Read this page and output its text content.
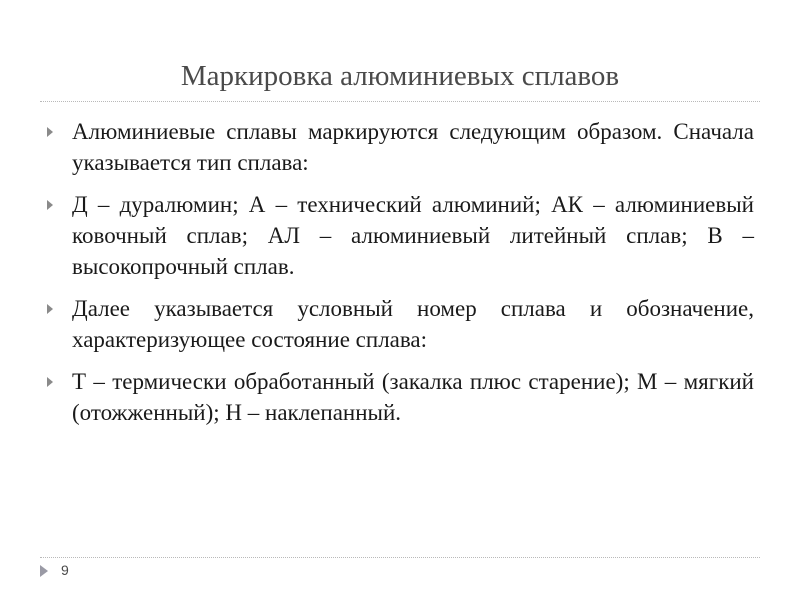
Маркировка алюминиевых сплавов
Алюминиевые сплавы маркируются следующим образом. Сначала указывается тип сплава:
Д – дуралюмин; А – технический алюминий; АК – алюминиевый ковочный сплав; АЛ – алюминиевый литейный сплав; В – высокопрочный сплав.
Далее указывается условный номер сплава и обозначение, характеризующее состояние сплава:
Т – термически обработанный (закалка плюс старение); М – мягкий (отожженный); Н – наклепанный.
9
